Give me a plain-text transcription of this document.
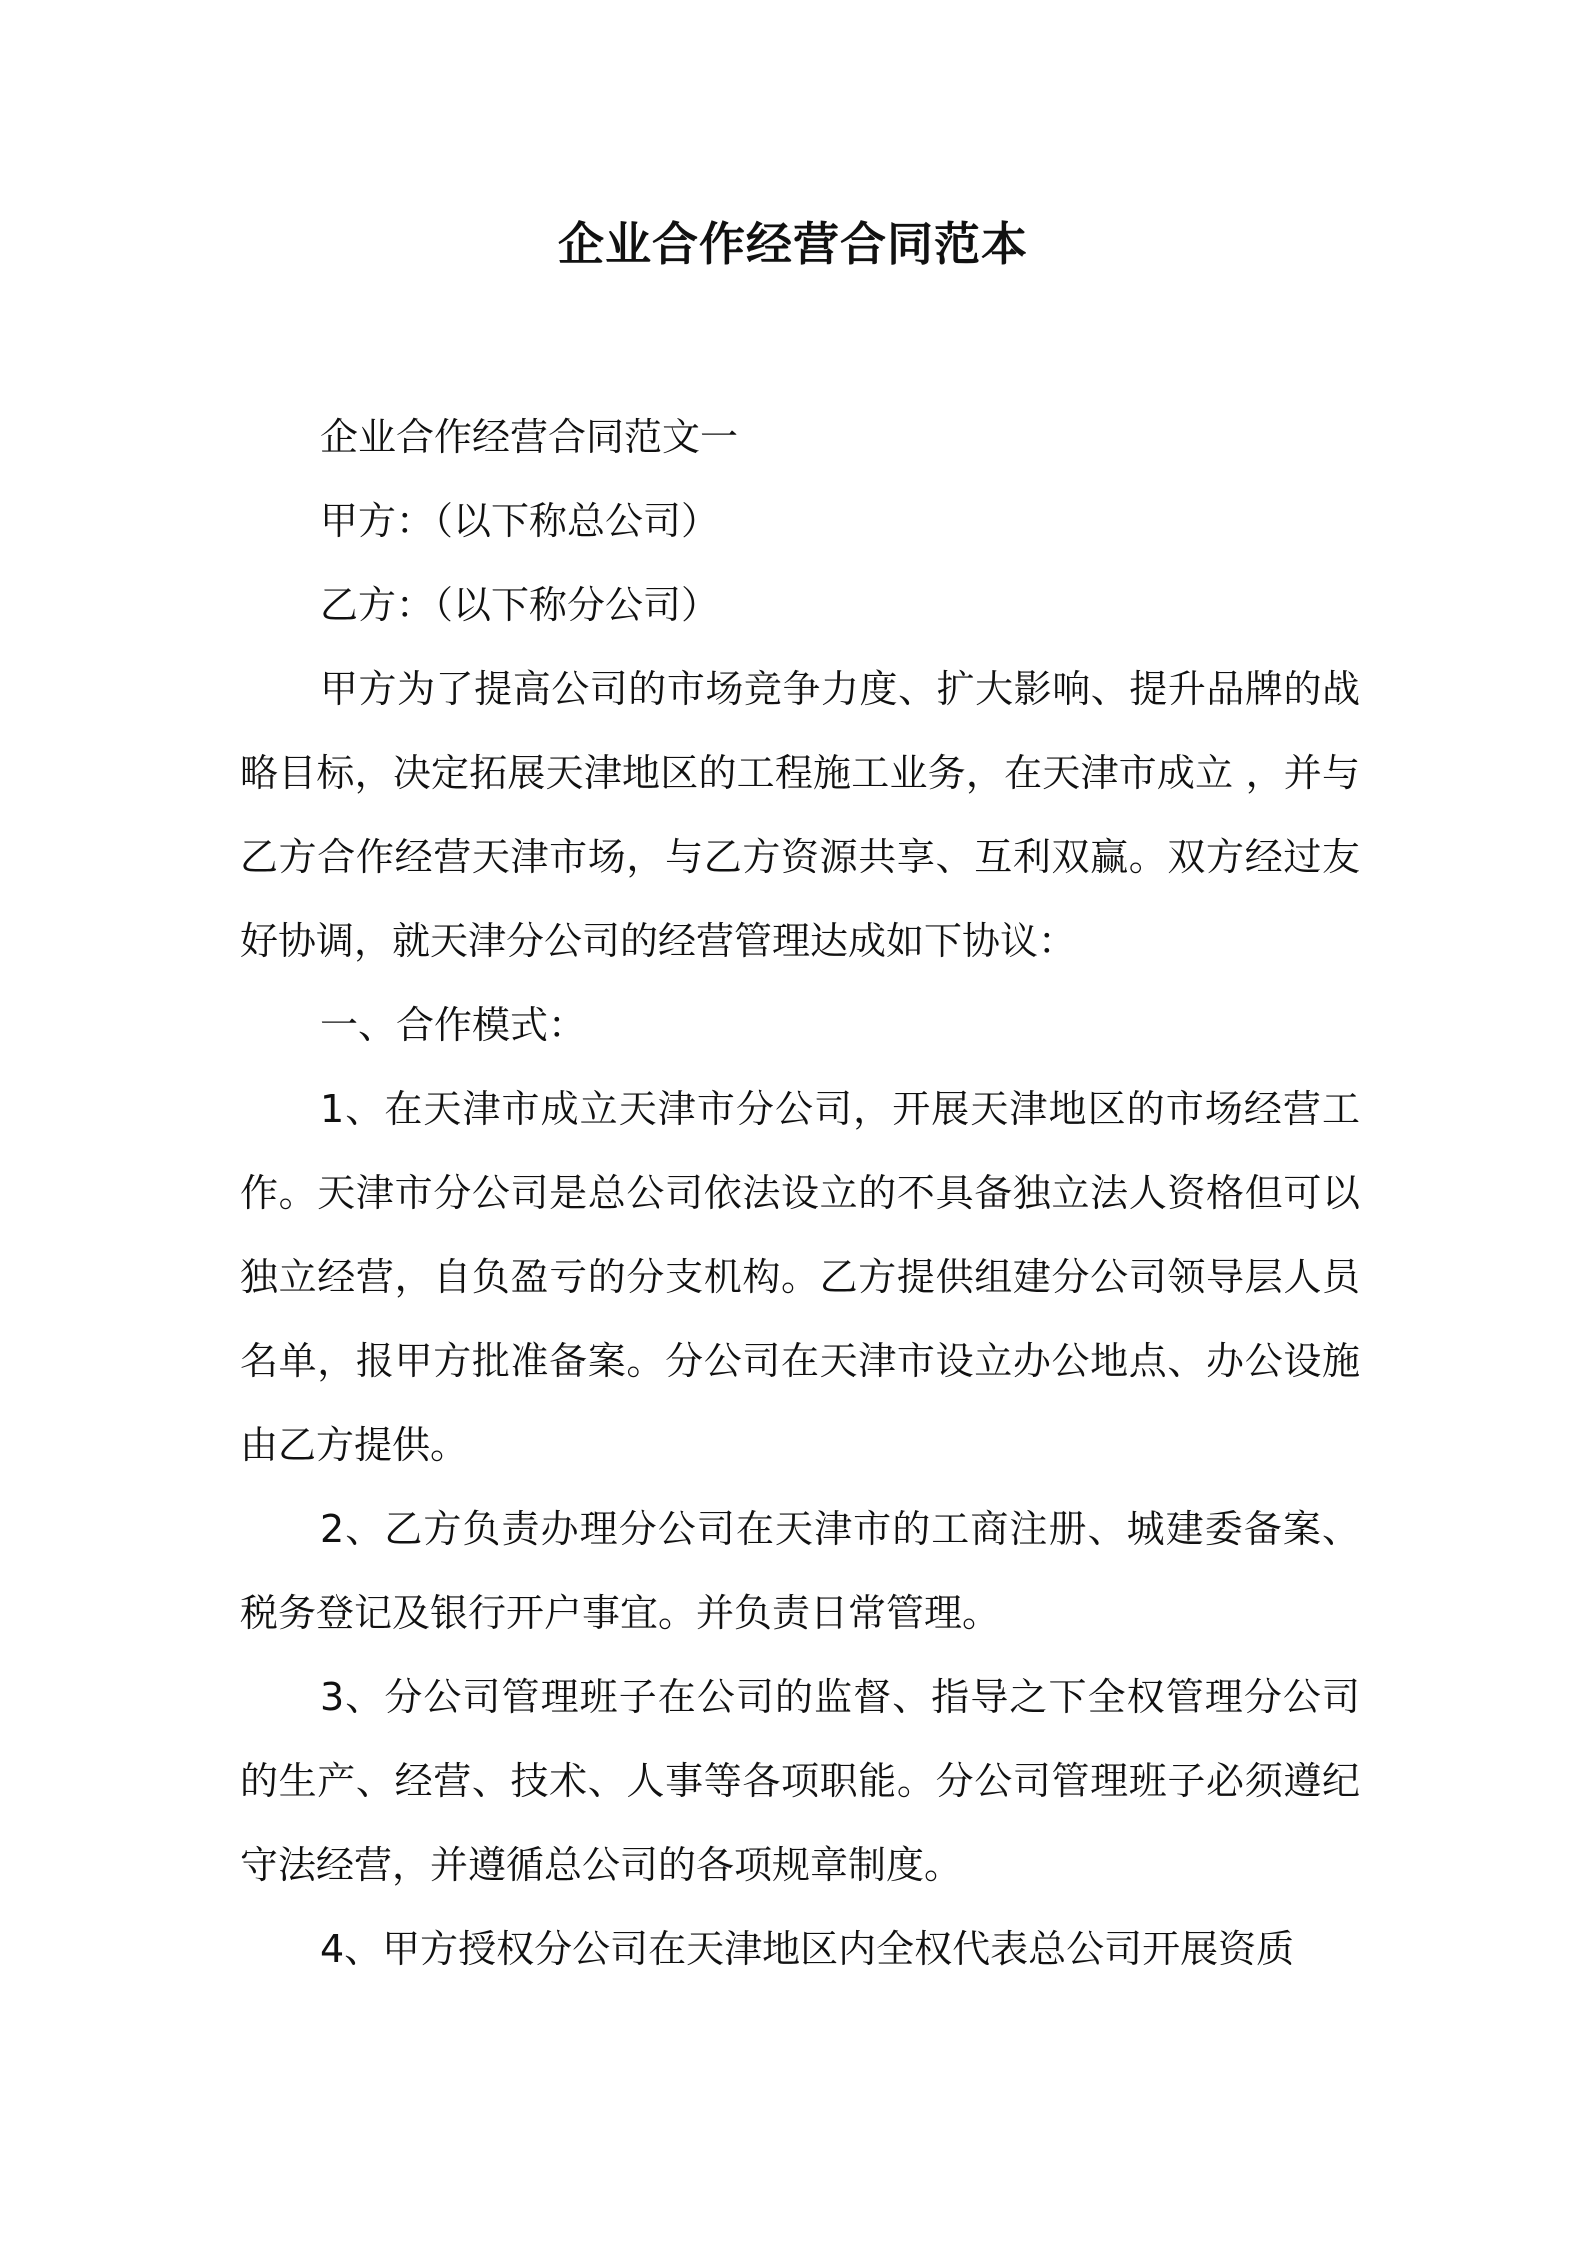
企业合作经营合同范本

企业合作经营合同范文一

甲方：（以下称总公司）

乙方：（以下称分公司）

甲方为了提高公司的市场竞争力度、扩大影响、提升品牌的战略目标，决定拓展天津地区的工程施工业务，在天津市成立 ，并与乙方合作经营天津市场，与乙方资源共享、互利双赢。双方经过友好协调，就天津分公司的经营管理达成如下协议：

一、合作模式：

1、在天津市成立天津市分公司，开展天津地区的市场经营工作。天津市分公司是总公司依法设立的不具备独立法人资格但可以独立经营，自负盈亏的分支机构。乙方提供组建分公司领导层人员名单，报甲方批准备案。分公司在天津市设立办公地点、办公设施由乙方提供。

2、乙方负责办理分公司在天津市的工商注册、城建委备案、税务登记及银行开户事宜。并负责日常管理。

3、分公司管理班子在公司的监督、指导之下全权管理分公司的生产、经营、技术、人事等各项职能。分公司管理班子必须遵纪守法经营，并遵循总公司的各项规章制度。

4、甲方授权分公司在天津地区内全权代表总公司开展资质
